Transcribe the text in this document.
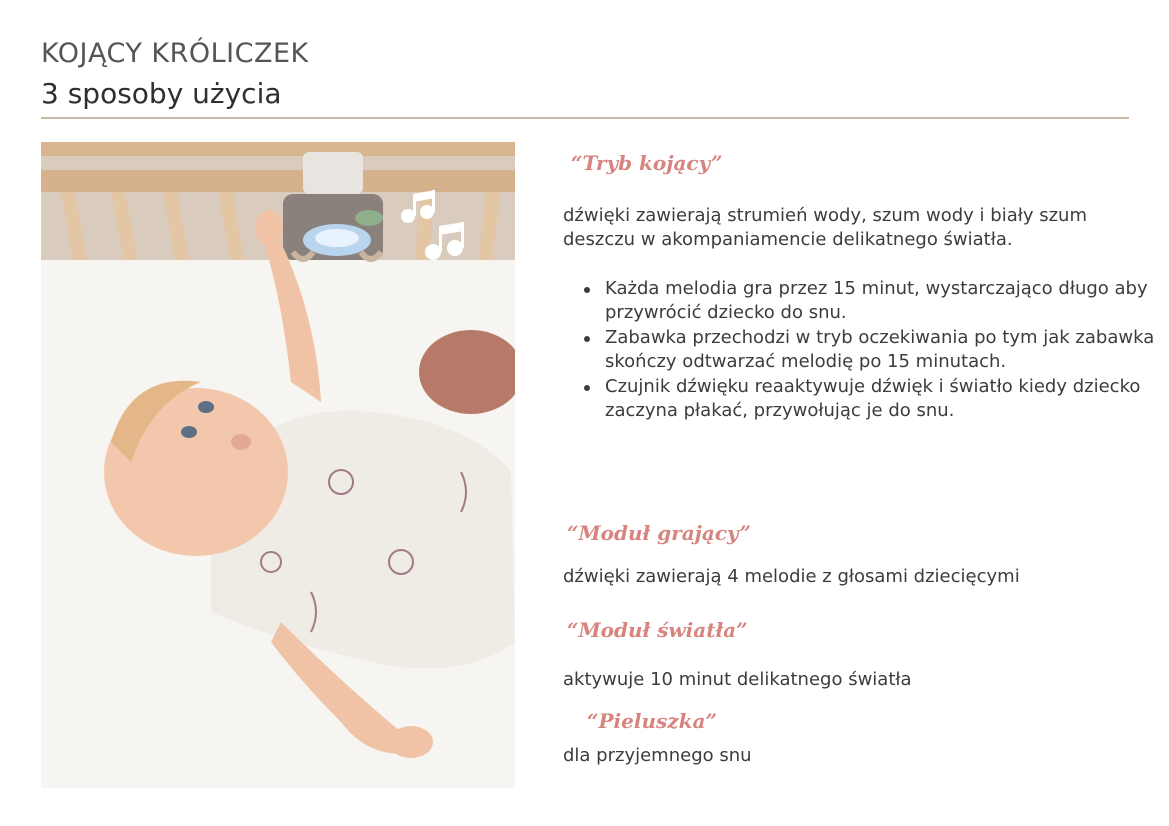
KOJĄCY KRÓLICZEK
3 sposoby użycia
“Tryb kojący”

dźwięki zawierają strumień wody, szum wody i biały szum deszczu w akompaniamencie delikatnego światła.

Każda melodia gra przez 15 minut, wystarczająco długo aby przywrócić dziecko do snu.
Zabawka przechodzi w tryb oczekiwania po tym jak zabawka skończy odtwarzać melodię po 15 minutach.
Czujnik dźwięku reaaktywuje dźwięk i światło kiedy dziecko zaczyna płakać, przywołując je do snu.
“Moduł grający”

dźwięki zawierają 4 melodie z głosami dziecięcymi

“Moduł światła”

aktywuje 10 minut delikatnego światła

“Pieluszka”

dla przyjemnego snu
